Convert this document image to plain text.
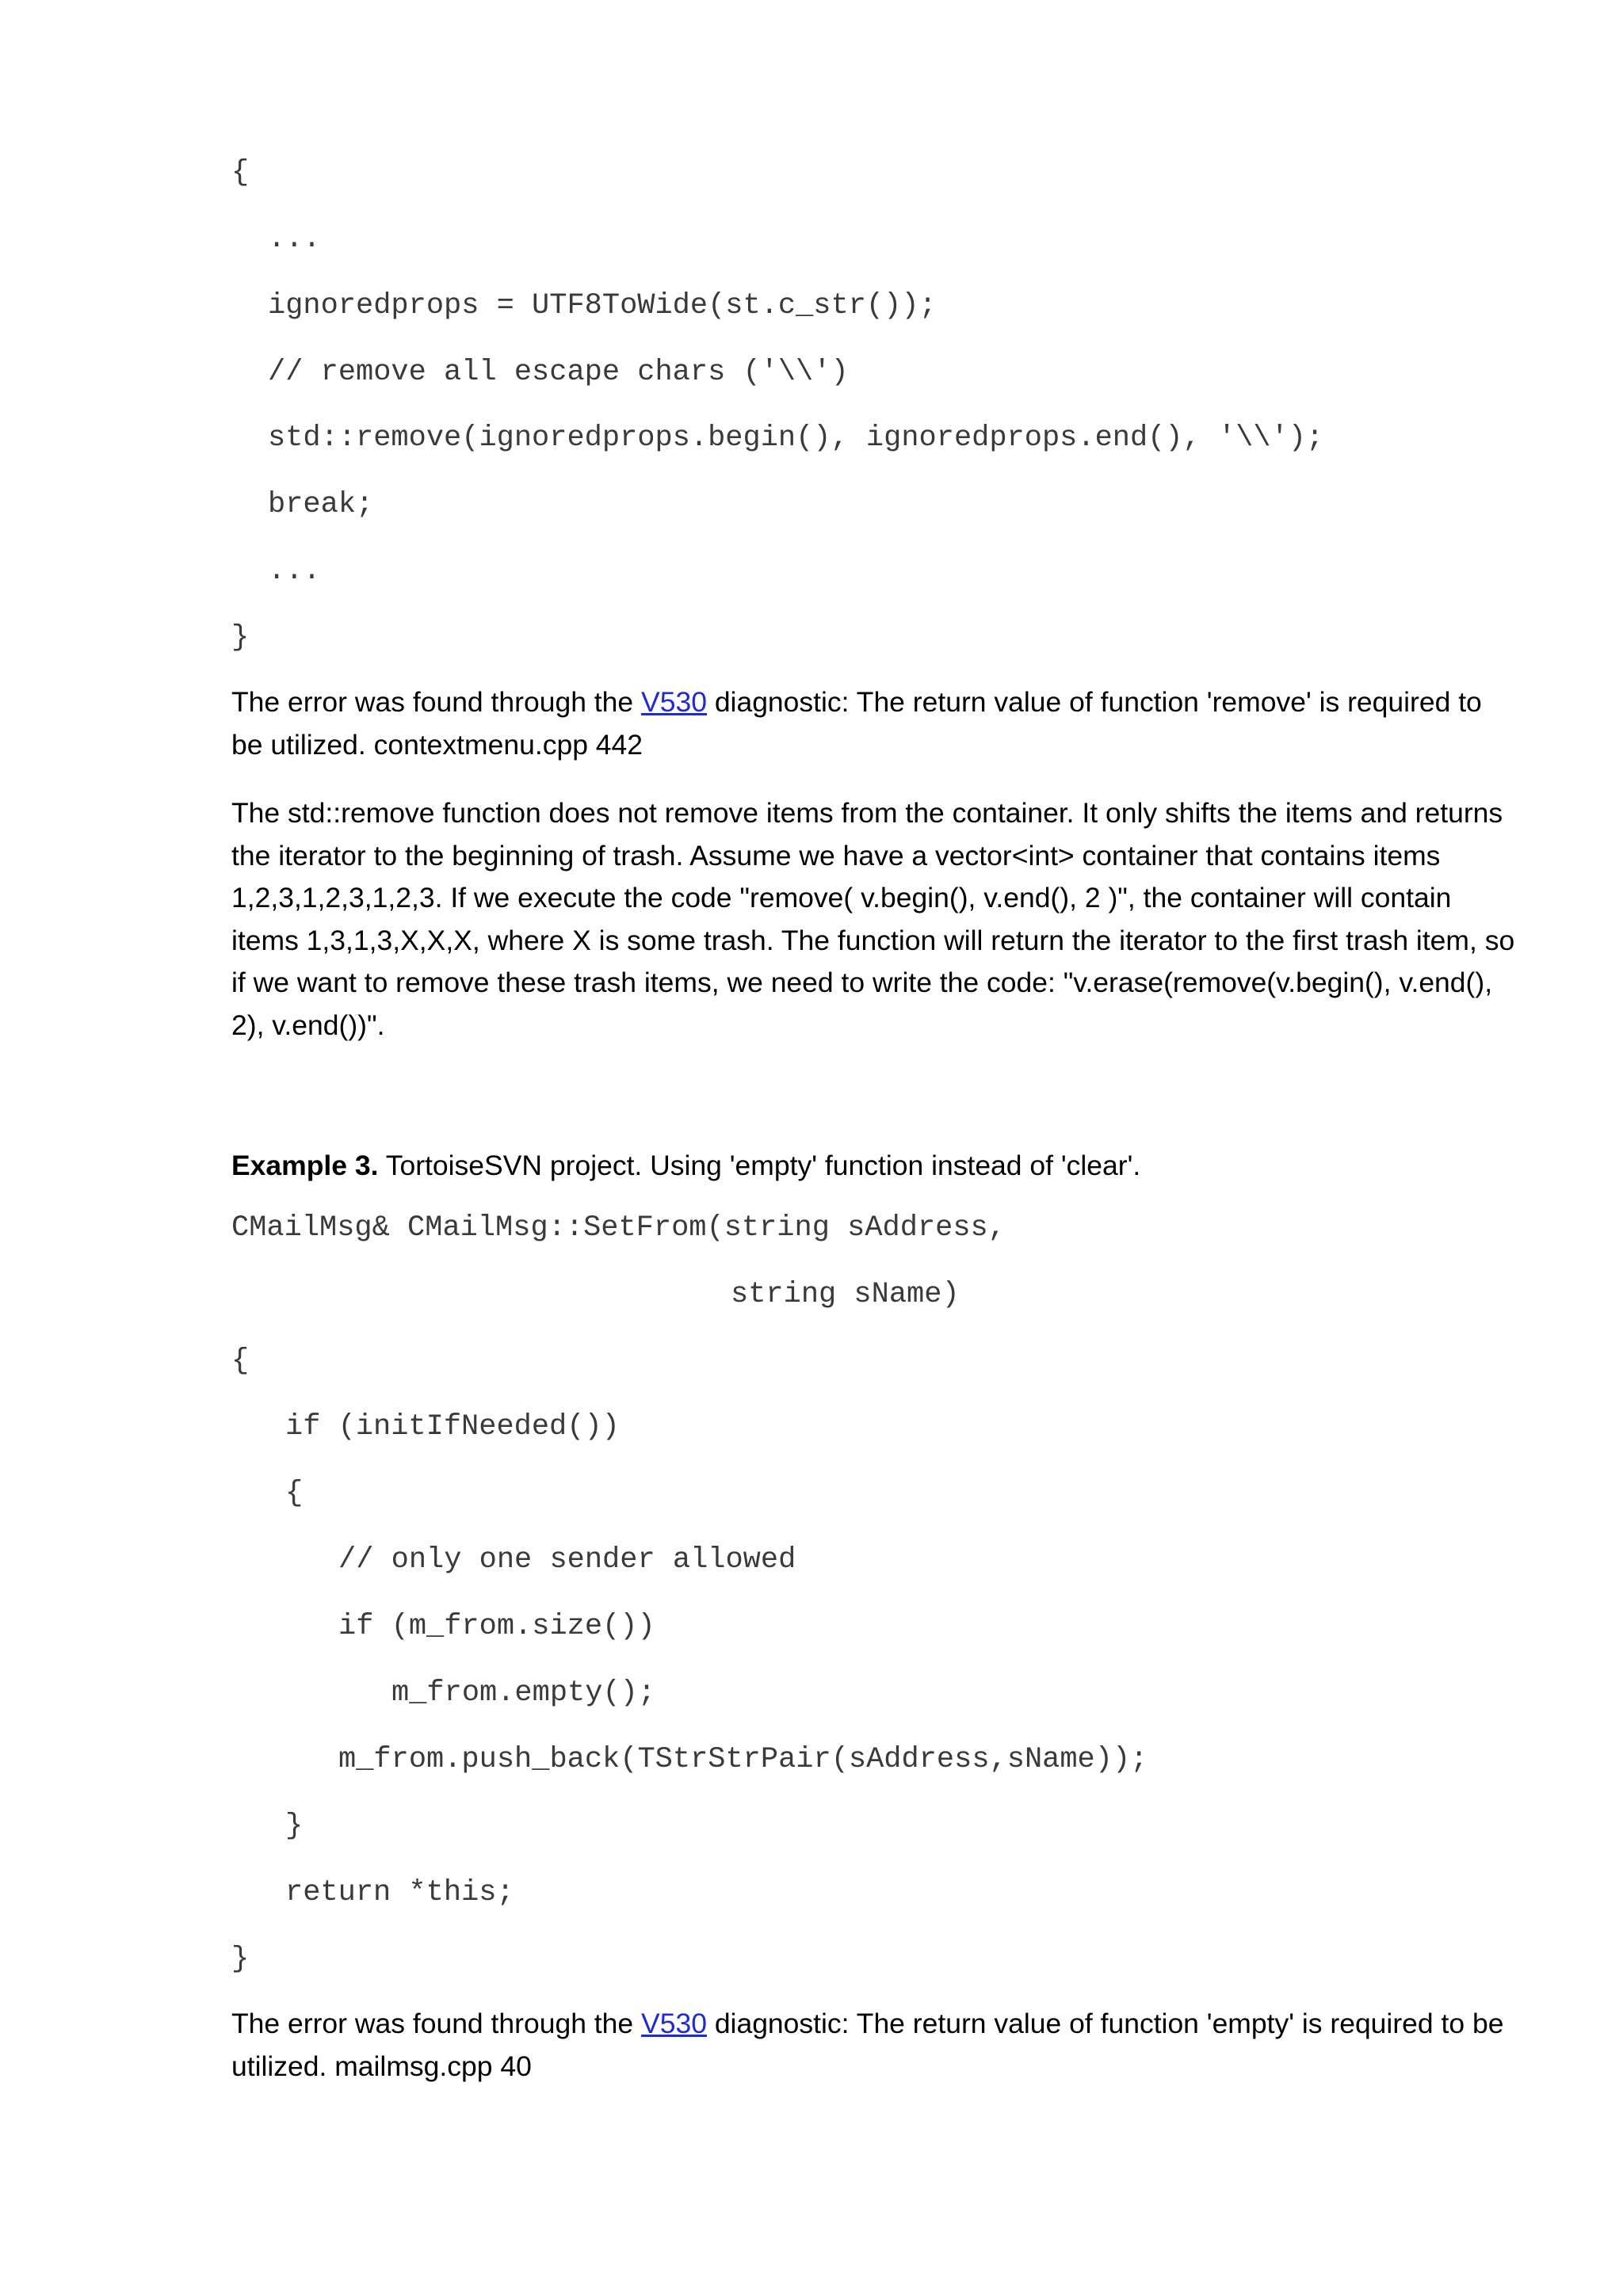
{
...
ignoredprops = UTF8ToWide(st.c_str());
// remove all escape chars ('\\')
std::remove(ignoredprops.begin(), ignoredprops.end(), '\\');
break;
...
}

The error was found through the V530 diagnostic: The return value of function 'remove' is required to be utilized. contextmenu.cpp 442

The std::remove function does not remove items from the container. It only shifts the items and returns the iterator to the beginning of trash. Assume we have a vector<int> container that contains items 1,2,3,1,2,3,1,2,3. If we execute the code "remove( v.begin(), v.end(), 2 )", the container will contain items 1,3,1,3,X,X,X, where X is some trash. The function will return the iterator to the first trash item, so if we want to remove these trash items, we need to write the code: "v.erase(remove(v.begin(), v.end(), 2), v.end())".

Example 3. TortoiseSVN project. Using 'empty' function instead of 'clear'.

CMailMsg& CMailMsg::SetFrom(string sAddress,
string sName)
{
if (initIfNeeded())
{
// only one sender allowed
if (m_from.size())
m_from.empty();
m_from.push_back(TStrStrPair(sAddress,sName));
}
return *this;
}

The error was found through the V530 diagnostic: The return value of function 'empty' is required to be utilized. mailmsg.cpp 40
